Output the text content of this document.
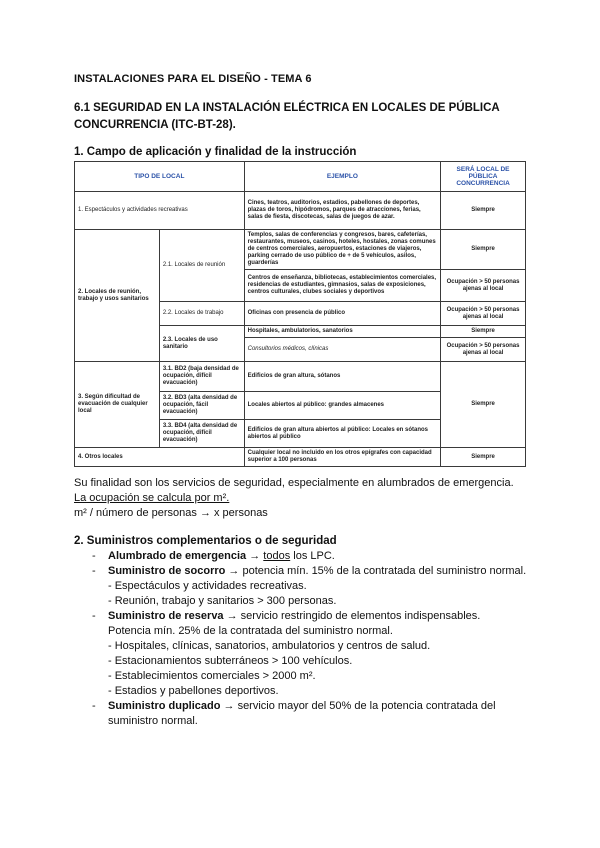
INSTALACIONES PARA EL DISEÑO - TEMA 6
6.1 SEGURIDAD EN LA INSTALACIÓN ELÉCTRICA EN LOCALES DE PÚBLICA CONCURRENCIA (ITC-BT-28).
1. Campo de aplicación y finalidad de la instrucción
TIPO DE LOCAL		EJEMPLO	SERÁ LOCAL DE PÚBLICA CONCURRENCIA
1. Espectáculos y actividades recreativas		Cines, teatros, auditorios, estadios, pabellones de deportes, plazas de toros, hipódromos, parques de atracciones, ferias, salas de fiesta, discotecas, salas de juegos de azar.	Siempre
2. Locales de reunión, trabajo y usos sanitarios	2.1. Locales de reunión	Templos, salas de conferencias y congresos, bares, cafeterías, restaurantes, museos, casinos, hoteles, hostales, zonas comunes de centros comerciales, aeropuertos, estaciones de viajeros, parking cerrado de uso público de + de 5 vehículos, asilos, guarderías	Siempre
		Centros de enseñanza, bibliotecas, establecimientos comerciales, residencias de estudiantes, gimnasios, salas de exposiciones, centros culturales, clubes sociales y deportivos	Ocupación > 50 personas ajenas al local
	2.2. Locales de trabajo	Oficinas con presencia de público	Ocupación > 50 personas ajenas al local
	2.3. Locales de uso sanitario	Hospitales, ambulatorios, sanatorios	Siempre
		Consultorios médicos, clínicas	Ocupación > 50 personas ajenas al local
3. Según dificultad de evacuación de cualquier local	3.1. BD2 (baja densidad de ocupación, difícil evacuación)	Edificios de gran altura, sótanos	Siempre
	3.2. BD3 (alta densidad de ocupación, fácil evacuación)	Locales abiertos al público: grandes almacenes	
	3.3. BD4 (alta densidad de ocupación, difícil evacuación)	Edificios de gran altura abiertos al público: Locales en sótanos abiertos al público	
4. Otros locales		Cualquier local no incluido en los otros epígrafes con capacidad superior a 100 personas	Siempre
Su finalidad son los servicios de seguridad, especialmente en alumbrados de emergencia.
La ocupación se calcula por m².
m² / número de personas → x personas
2. Suministros complementarios o de seguridad
- Alumbrado de emergencia → todos los LPC.
- Suministro de socorro → potencia mín. 15% de la contratada del suministro normal.
- Espectáculos y actividades recreativas.
- Reunión, trabajo y sanitarios > 300 personas.
- Suministro de reserva → servicio restringido de elementos indispensables.
Potencia mín. 25% de la contratada del suministro normal.
- Hospitales, clínicas, sanatorios, ambulatorios y centros de salud.
- Estacionamientos subterráneos > 100 vehículos.
- Establecimientos comerciales > 2000 m².
- Estadios y pabellones deportivos.
- Suministro duplicado → servicio mayor del 50% de la potencia contratada del suministro normal.
